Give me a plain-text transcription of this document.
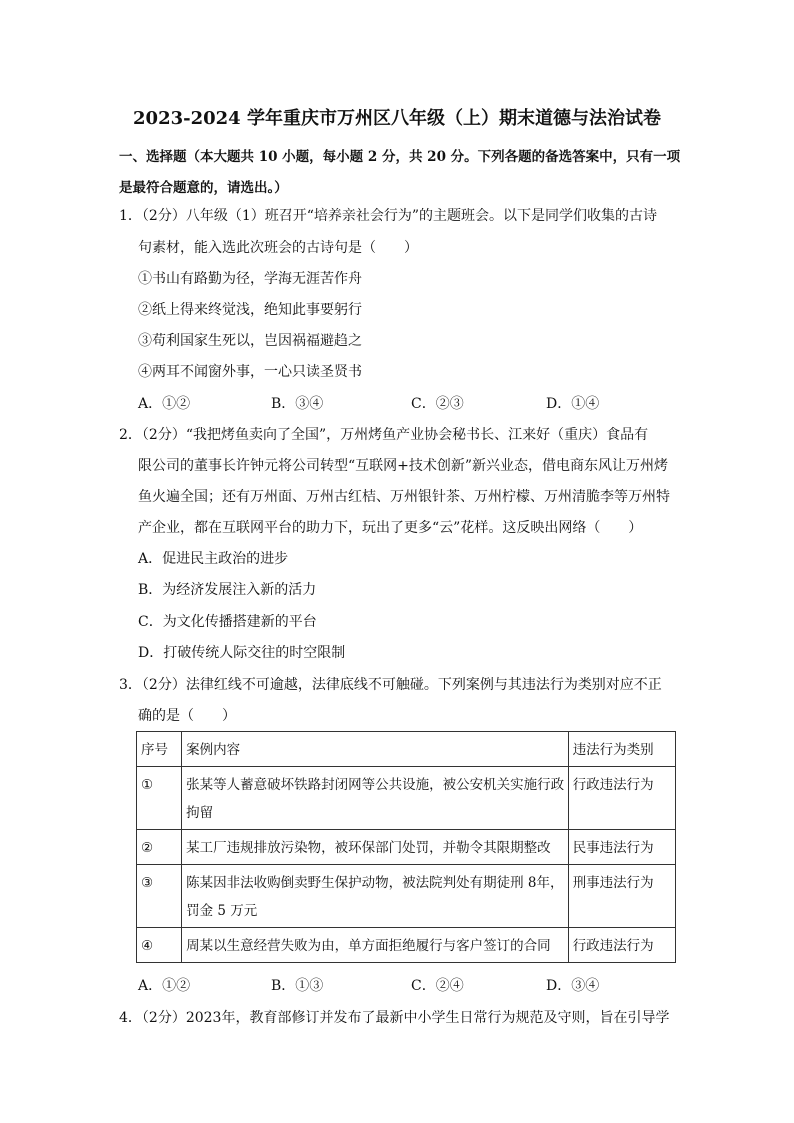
2023-2024 学年重庆市万州区八年级（上）期末道德与法治试卷
一、选择题（本大题共 10 小题，每小题 2 分，共 20 分。下列各题的备选答案中，只有一项是最符合题意的，请选出。）
1．（2分）八年级（1）班召开“培养亲社会行为”的主题班会。以下是同学们收集的古诗
句素材，能入选此次班会的古诗句是（　　）
①书山有路勤为径，学海无涯苦作舟
②纸上得来终觉浅，绝知此事要躬行
③苟利国家生死以，岂因祸福避趋之
④两耳不闻窗外事，一心只读圣贤书
A．①②	B．③④	C．②③	D．①④
2．（2分）“我把烤鱼卖向了全国”，万州烤鱼产业协会秘书长、江来好（重庆）食品有
限公司的董事长许钟元将公司转型“互联网+技术创新”新兴业态，借电商东风让万州烤
鱼火遍全国；还有万州面、万州古红桔、万州银针茶、万州柠檬、万州清脆李等万州特
产企业，都在互联网平台的助力下，玩出了更多“云”花样。这反映出网络（　　）
A．促进民主政治的进步
B．为经济发展注入新的活力
C．为文化传播搭建新的平台
D．打破传统人际交往的时空限制
3．（2分）法律红线不可逾越，法律底线不可触碰。下列案例与其违法行为类别对应不正
确的是（　　）
序号	案例内容	违法行为类别
①	张某等人蓄意破坏铁路封闭网等公共设施，被公安机关实施行政拘留	行政违法行为
②	某工厂违规排放污染物，被环保部门处罚，并勒令其限期整改	民事违法行为
③	陈某因非法收购倒卖野生保护动物，被法院判处有期徒刑 8年，罚金 5 万元	刑事违法行为
④	周某以生意经营失败为由，单方面拒绝履行与客户签订的合同	行政违法行为
A．①②	B．①③	C．②④	D．③④
4．（2分）2023年，教育部修订并发布了最新中小学生日常行为规范及守则，旨在引导学
